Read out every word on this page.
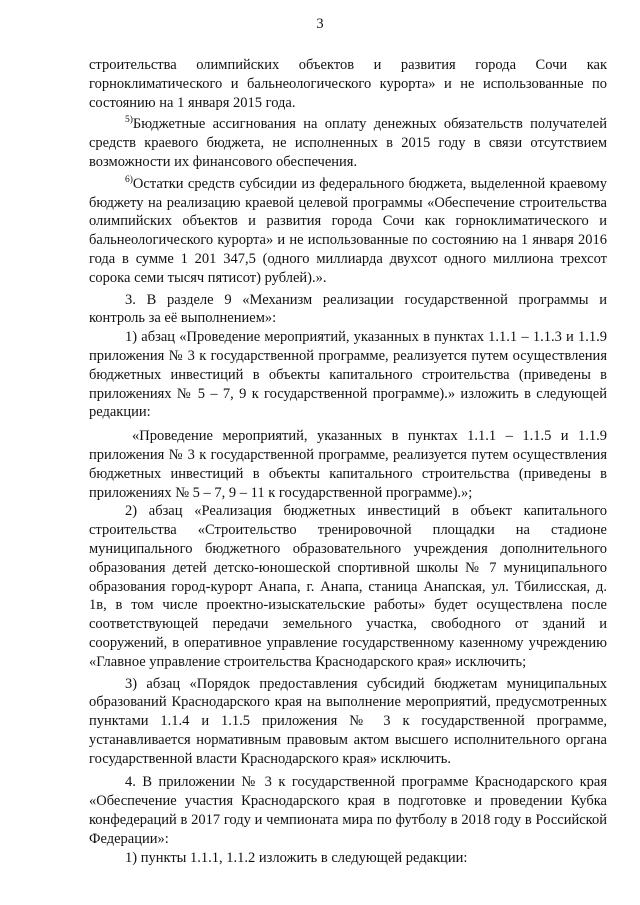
3

строительства олимпийских объектов и развития города Сочи как горноклиматического и бальнеологического курорта» и не использованные по состоянию на 1 января 2015 года.

$^{5)}$Бюджетные ассигнования на оплату денежных обязательств получателей средств краевого бюджета, не исполненных в 2015 году в связи отсутствием возможности их финансового обеспечения.

$^{6)}$Остатки средств субсидии из федерального бюджета, выделенной краевому бюджету на реализацию краевой целевой программы «Обеспечение строительства олимпийских объектов и развития города Сочи как горноклиматического и бальнеологического курорта» и не использованные по состоянию на 1 января 2016 года в сумме 1 201 347,5 (одного миллиарда двухсот одного миллиона трехсот сорока семи тысяч пятисот) рублей).».

3. В разделе 9 «Механизм реализации государственной программы и контроль за её выполнением»:

1) абзац «Проведение мероприятий, указанных в пунктах 1.1.1 – 1.1.3 и 1.1.9 приложения № 3 к государственной программе, реализуется путем осуществления бюджетных инвестиций в объекты капитального строительства (приведены в приложениях № 5 – 7, 9 к государственной программе).» изложить в следующей редакции:

«Проведение мероприятий, указанных в пунктах 1.1.1 – 1.1.5 и 1.1.9 приложения № 3 к государственной программе, реализуется путем осуществления бюджетных инвестиций в объекты капитального строительства (приведены в приложениях № 5 – 7, 9 – 11 к государственной программе).»;

2) абзац «Реализация бюджетных инвестиций в объект капитального строительства «Строительство тренировочной площадки на стадионе муниципального бюджетного образовательного учреждения дополнительного образования детей детско-юношеской спортивной школы № 7 муниципального образования город-курорт Анапа, г. Анапа, станица Анапская, ул. Тбилисская, д. 1в, в том числе проектно-изыскательские работы» будет осуществлена после соответствующей передачи земельного участка, свободного от зданий и сооружений, в оперативное управление государственному казенному учреждению «Главное управление строительства Краснодарского края» исключить;

3) абзац «Порядок предоставления субсидий бюджетам муниципальных образований Краснодарского края на выполнение мероприятий, предусмотренных пунктами 1.1.4 и 1.1.5 приложения № 3 к государственной программе, устанавливается нормативным правовым актом высшего исполнительного органа государственной власти Краснодарского края» исключить.

4. В приложении № 3 к государственной программе Краснодарского края «Обеспечение участия Краснодарского края в подготовке и проведении Кубка конфедераций в 2017 году и чемпионата мира по футболу в 2018 году в Российской Федерации»:

1) пункты 1.1.1, 1.1.2 изложить в следующей редакции:
